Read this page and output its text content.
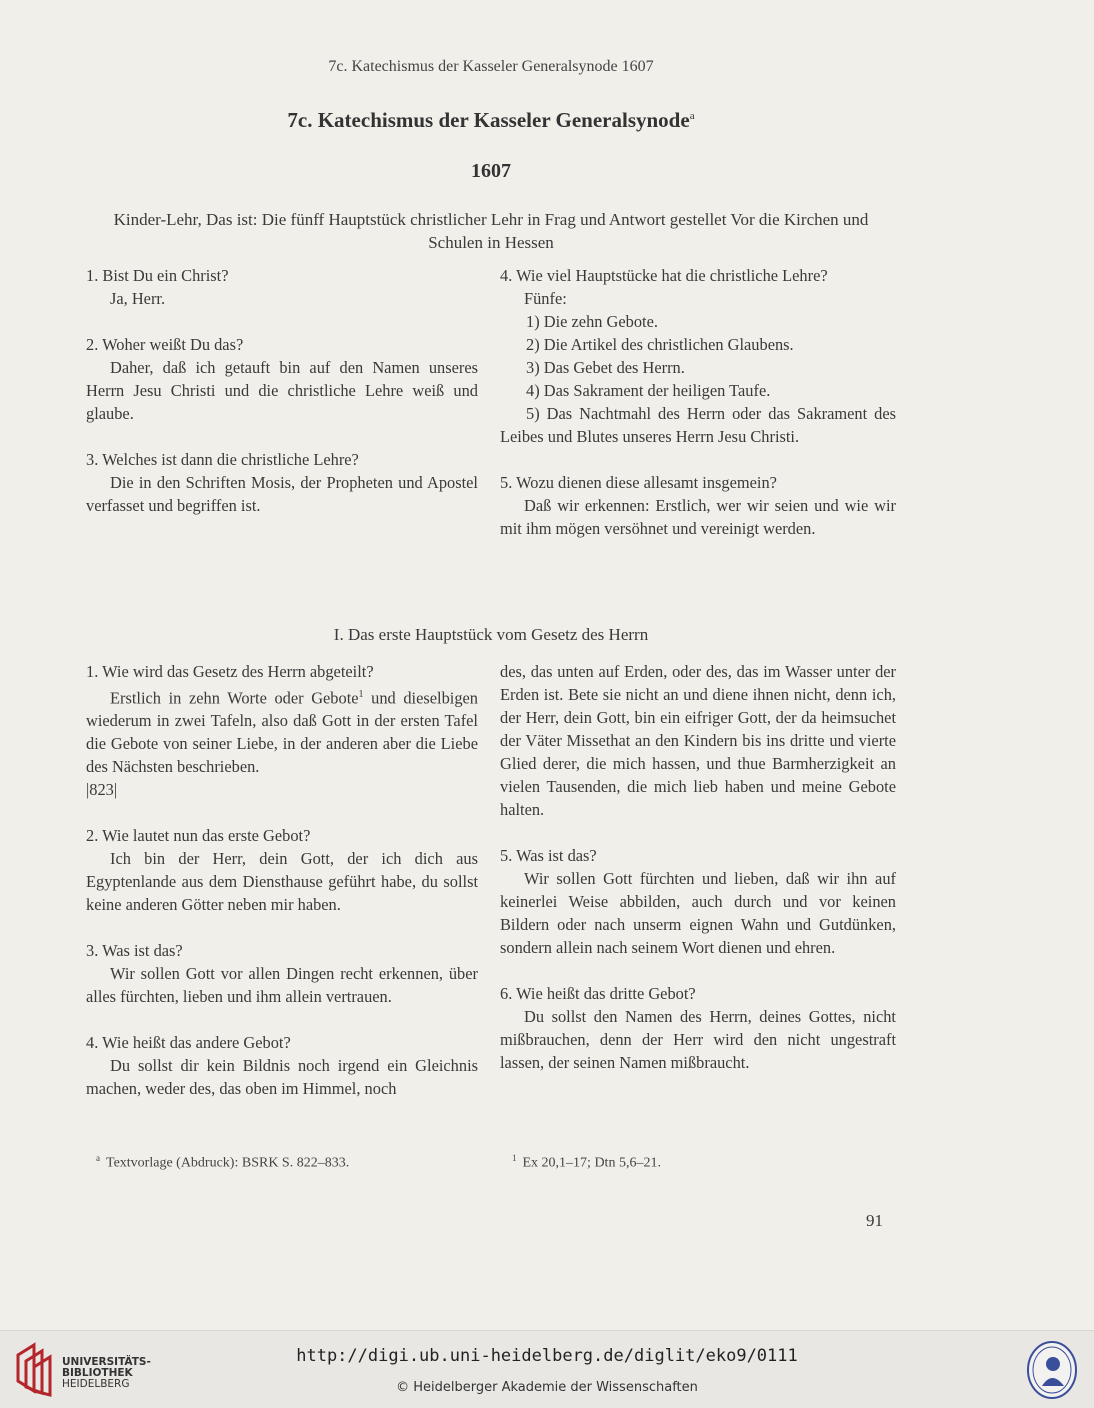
7c. Katechismus der Kasseler Generalsynode 1607
7c. Katechismus der Kasseler Generalsynode$^a$
1607
Kinder-Lehr, Das ist: Die fünff Hauptstück christlicher Lehr in Frag und Antwort gestellet Vor die Kirchen und Schulen in Hessen

1. Bist Du ein Christ?

Ja, Herr.

2. Woher weißt Du das?

Daher, daß ich getauft bin auf den Namen unseres Herrn Jesu Christi und die christliche Lehre weiß und glaube.

3. Welches ist dann die christliche Lehre?

Die in den Schriften Mosis, der Propheten und Apostel verfasset und begriffen ist.

4. Wie viel Hauptstücke hat die christliche Lehre?

Fünfe:

1) Die zehn Gebote.

2) Die Artikel des christlichen Glaubens.

3) Das Gebet des Herrn.

4) Das Sakrament der heiligen Taufe.

5) Das Nachtmahl des Herrn oder das Sakrament des Leibes und Blutes unseres Herrn Jesu Christi.

5. Wozu dienen diese allesamt insgemein?

Daß wir erkennen: Erstlich, wer wir seien und wie wir mit ihm mögen versöhnet und vereinigt werden.

I. Das erste Hauptstück vom Gesetz des Herrn

1. Wie wird das Gesetz des Herrn abgeteilt?

Erstlich in zehn Worte oder Gebote$^1$ und dieselbigen wiederum in zwei Tafeln, also daß Gott in der ersten Tafel die Gebote von seiner Liebe, in der anderen aber die Liebe des Nächsten beschrieben.

|823|

2. Wie lautet nun das erste Gebot?

Ich bin der Herr, dein Gott, der ich dich aus Egyptenlande aus dem Diensthause geführt habe, du sollst keine anderen Götter neben mir haben.

3. Was ist das?

Wir sollen Gott vor allen Dingen recht erkennen, über alles fürchten, lieben und ihm allein vertrauen.

4. Wie heißt das andere Gebot?

Du sollst dir kein Bildnis noch irgend ein Gleichnis machen, weder des, das oben im Himmel, noch

des, das unten auf Erden, oder des, das im Wasser unter der Erden ist. Bete sie nicht an und diene ihnen nicht, denn ich, der Herr, dein Gott, bin ein eifriger Gott, der da heimsuchet der Väter Missethat an den Kindern bis ins dritte und vierte Glied derer, die mich hassen, und thue Barmherzigkeit an vielen Tausenden, die mich lieb haben und meine Gebote halten.

5. Was ist das?

Wir sollen Gott fürchten und lieben, daß wir ihn auf keinerlei Weise abbilden, auch durch und vor keinen Bildern oder nach unserm eignen Wahn und Gutdünken, sondern allein nach seinem Wort dienen und ehren.

6. Wie heißt das dritte Gebot?

Du sollst den Namen des Herrn, deines Gottes, nicht mißbrauchen, denn der Herr wird den nicht ungestraft lassen, der seinen Namen mißbraucht.

$^a$ Textvorlage (Abdruck): BSRK S. 822–833.	$^1$ Ex 20,1–17; Dtn 5,6–21.
91
UNIVERSITÄTS-
BIBLIOTHEK
HEIDELBERG
http://digi.ub.uni-heidelberg.de/diglit/eko9/0111
© Heidelberger Akademie der Wissenschaften
